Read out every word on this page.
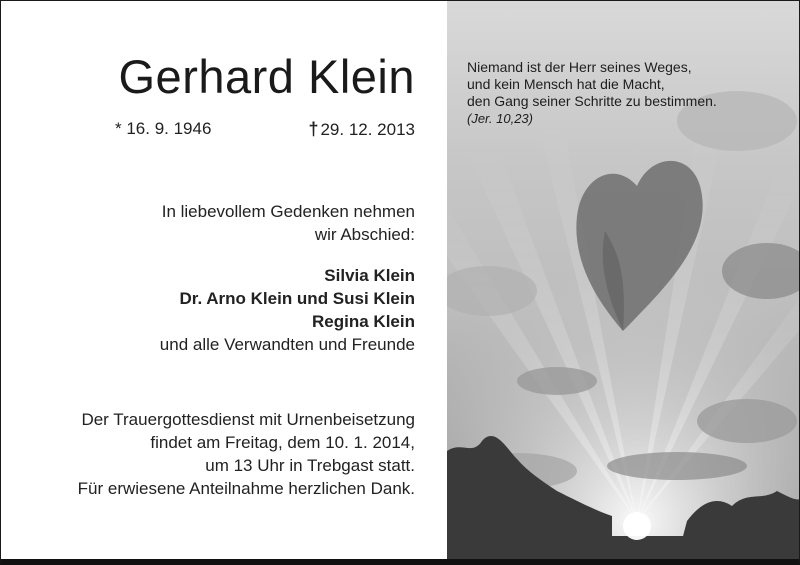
Gerhard Klein
* 16. 9. 1946	† 29. 12. 2013
In liebevollem Gedenken nehmen
wir Abschied:
Silvia Klein
Dr. Arno Klein und Susi Klein
Regina Klein
und alle Verwandten und Freunde
Der Trauergottesdienst mit Urnenbeisetzung
findet am Freitag, dem 10. 1. 2014,
um 13 Uhr in Trebgast statt.
Für erwiesene Anteilnahme herzlichen Dank.
Niemand ist der Herr seines Weges,
und kein Mensch hat die Macht,
den Gang seiner Schritte zu bestimmen.
(Jer. 10,23)
